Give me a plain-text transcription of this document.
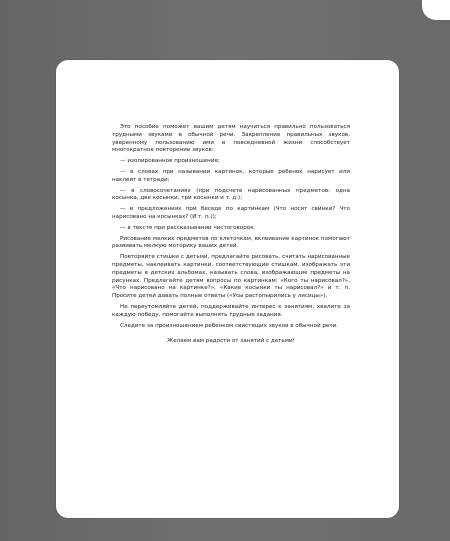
Это пособие поможет вашим детям научиться правильно пользоваться трудными звуками в обычной речи. Закрепление правильных звуков, уверенному пользованию ими в повседневной жизни способствует многократное повторение звуков:

— изолированное произношение;

— в словах при назывании картинок, которые ребенок нарисует или наклеит в тетради;

— в словосочетаниях (при подсчете нарисованных предметов: одна косынка, две косынки, три косынки и т. д.);

— в предложениях при беседе по картинкам (Что носят свинки? Что нарисовано на косынках? (И т. п.));

— в тексте при рассказывании чистоговорок.

Рисование мелких предметов по клеточкам, вклеивание картинок помогают развивать мелкую моторику ваших детей.

Повторяйте стишки с детьми, предлагайте рисовать, считать нарисованные предметы, наклеивать картинки, соответствующие стишкам, изображать эти предметы в детских альбомах, называть слова, изображающие предметы на рисунках. Предлагайте детям вопросы по картинкам: «Кого ты нарисовал?», «Что нарисовано на картинке?», «Какие косынки ты нарисовал?» и т. п. Просите детей давать полные ответы («Усы растопырились у лисицы»).

Не переутомляйте детей, поддерживайте интерес к занятиям, хвалите за каждую победу, помогайте выполнять трудные задания.

Следите за произношением ребенком свистящих звуков в обычной речи.

Желаем вам радости от занятий с детьми!
